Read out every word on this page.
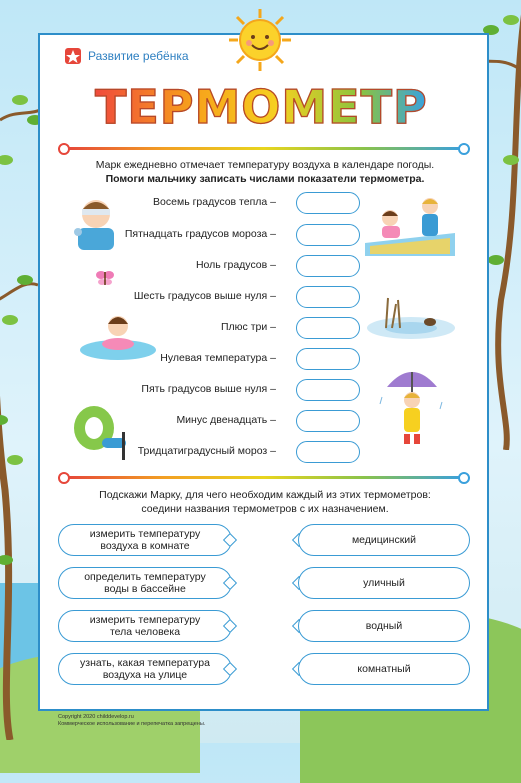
Развитие ребёнка
ТЕРМОМЕТР
Марк ежедневно отмечает температуру воздуха в календаре погоды.
Помоги мальчику записать числами показатели термометра.
Восемь градусов тепла –
Пятнадцать градусов мороза –
Ноль градусов –
Шесть градусов выше нуля –
Плюс три –
Нулевая температура –
Пять градусов выше нуля –
Минус двенадцать –
Тридцатиградусный мороз –
Подскажи Марку, для чего необходим каждый из этих термометров:
соедини названия термометров с их назначением.
измерить температуру
воздуха в комнате
определить температуру
воды в бассейне
измерить температуру
тела человека
узнать, какая температура
воздуха на улице
медицинский
уличный
водный
комнатный
Copyright 2020 childdevelop.ru
Коммерческое использование и перепечатка запрещены.
